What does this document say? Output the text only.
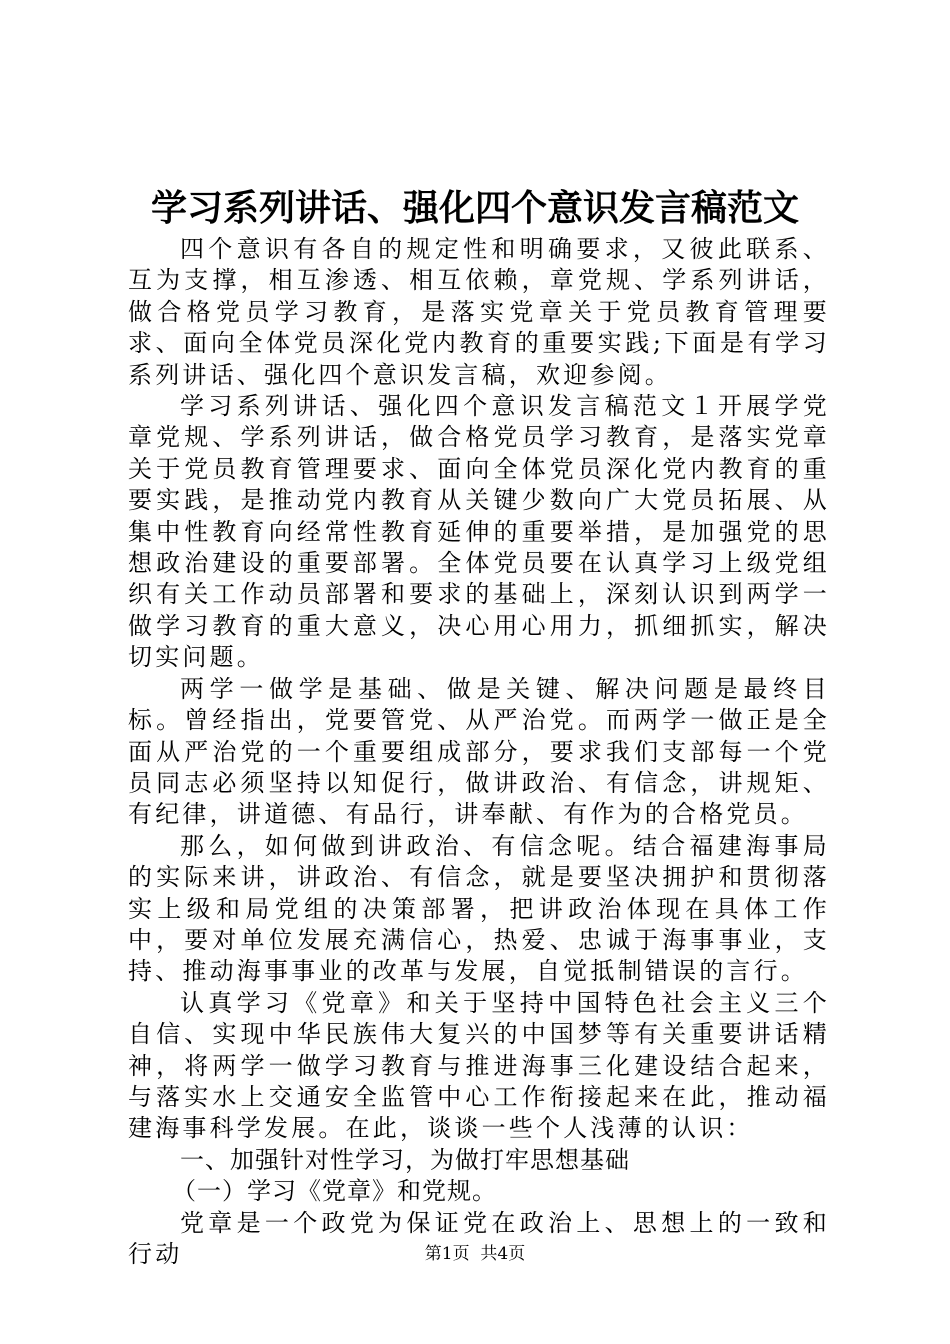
学习系列讲话、强化四个意识发言稿范文

四个意识有各自的规定性和明确要求，又彼此联系、互为支撑，相互渗透、相互依赖，章党规、学系列讲话，做合格党员学习教育，是落实党章关于党员教育管理要求、面向全体党员深化党内教育的重要实践;下面是有学习系列讲话、强化四个意识发言稿，欢迎参阅。

学习系列讲话、强化四个意识发言稿范文１开展学党章党规、学系列讲话，做合格党员学习教育，是落实党章关于党员教育管理要求、面向全体党员深化党内教育的重要实践，是推动党内教育从关键少数向广大党员拓展、从集中性教育向经常性教育延伸的重要举措，是加强党的思想政治建设的重要部署。全体党员要在认真学习上级党组织有关工作动员部署和要求的基础上，深刻认识到两学一做学习教育的重大意义，决心用心用力，抓细抓实，解决切实问题。

两学一做学是基础、做是关键、解决问题是最终目标。曾经指出，党要管党、从严治党。而两学一做正是全面从严治党的一个重要组成部分，要求我们支部每一个党员同志必须坚持以知促行，做讲政治、有信念，讲规矩、有纪律，讲道德、有品行，讲奉献、有作为的合格党员。

那么，如何做到讲政治、有信念呢。结合福建海事局的实际来讲，讲政治、有信念，就是要坚决拥护和贯彻落实上级和局党组的决策部署，把讲政治体现在具体工作中，要对单位发展充满信心，热爱、忠诚于海事事业，支持、推动海事事业的改革与发展，自觉抵制错误的言行。

认真学习《党章》和关于坚持中国特色社会主义三个自信、实现中华民族伟大复兴的中国梦等有关重要讲话精神，将两学一做学习教育与推进海事三化建设结合起来，与落实水上交通安全监管中心工作衔接起来在此，推动福建海事科学发展。在此，谈谈一些个人浅薄的认识：

一、加强针对性学习，为做打牢思想基础

（一）学习《党章》和党规。

党章是一个政党为保证党在政治上、思想上的一致和行动	第1页  共4页
